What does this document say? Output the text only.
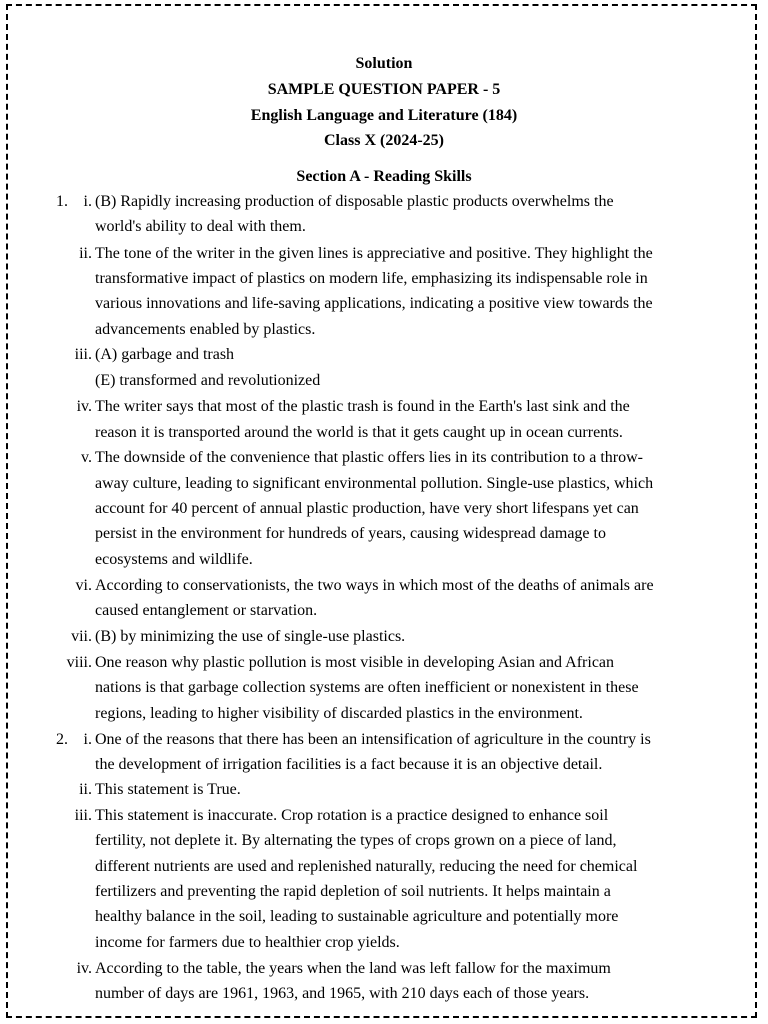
Solution
SAMPLE QUESTION PAPER - 5
English Language and Literature (184)
Class X (2024-25)
Section A - Reading Skills
1. i. (B) Rapidly increasing production of disposable plastic products overwhelms the
world's ability to deal with them.
ii. The tone of the writer in the given lines is appreciative and positive. They highlight the
transformative impact of plastics on modern life, emphasizing its indispensable role in
various innovations and life-saving applications, indicating a positive view towards the
advancements enabled by plastics.
iii. (A) garbage and trash
(E) transformed and revolutionized
iv. The writer says that most of the plastic trash is found in the Earth's last sink and the
reason it is transported around the world is that it gets caught up in ocean currents.
v. The downside of the convenience that plastic offers lies in its contribution to a throw-
away culture, leading to significant environmental pollution. Single-use plastics, which
account for 40 percent of annual plastic production, have very short lifespans yet can
persist in the environment for hundreds of years, causing widespread damage to
ecosystems and wildlife.
vi. According to conservationists, the two ways in which most of the deaths of animals are
caused entanglement or starvation.
vii. (B) by minimizing the use of single-use plastics.
viii. One reason why plastic pollution is most visible in developing Asian and African
nations is that garbage collection systems are often inefficient or nonexistent in these
regions, leading to higher visibility of discarded plastics in the environment.
2. i. One of the reasons that there has been an intensification of agriculture in the country is
the development of irrigation facilities is a fact because it is an objective detail.
ii. This statement is True.
iii. This statement is inaccurate. Crop rotation is a practice designed to enhance soil
fertility, not deplete it. By alternating the types of crops grown on a piece of land,
different nutrients are used and replenished naturally, reducing the need for chemical
fertilizers and preventing the rapid depletion of soil nutrients. It helps maintain a
healthy balance in the soil, leading to sustainable agriculture and potentially more
income for farmers due to healthier crop yields.
iv. According to the table, the years when the land was left fallow for the maximum
number of days are 1961, 1963, and 1965, with 210 days each of those years.
